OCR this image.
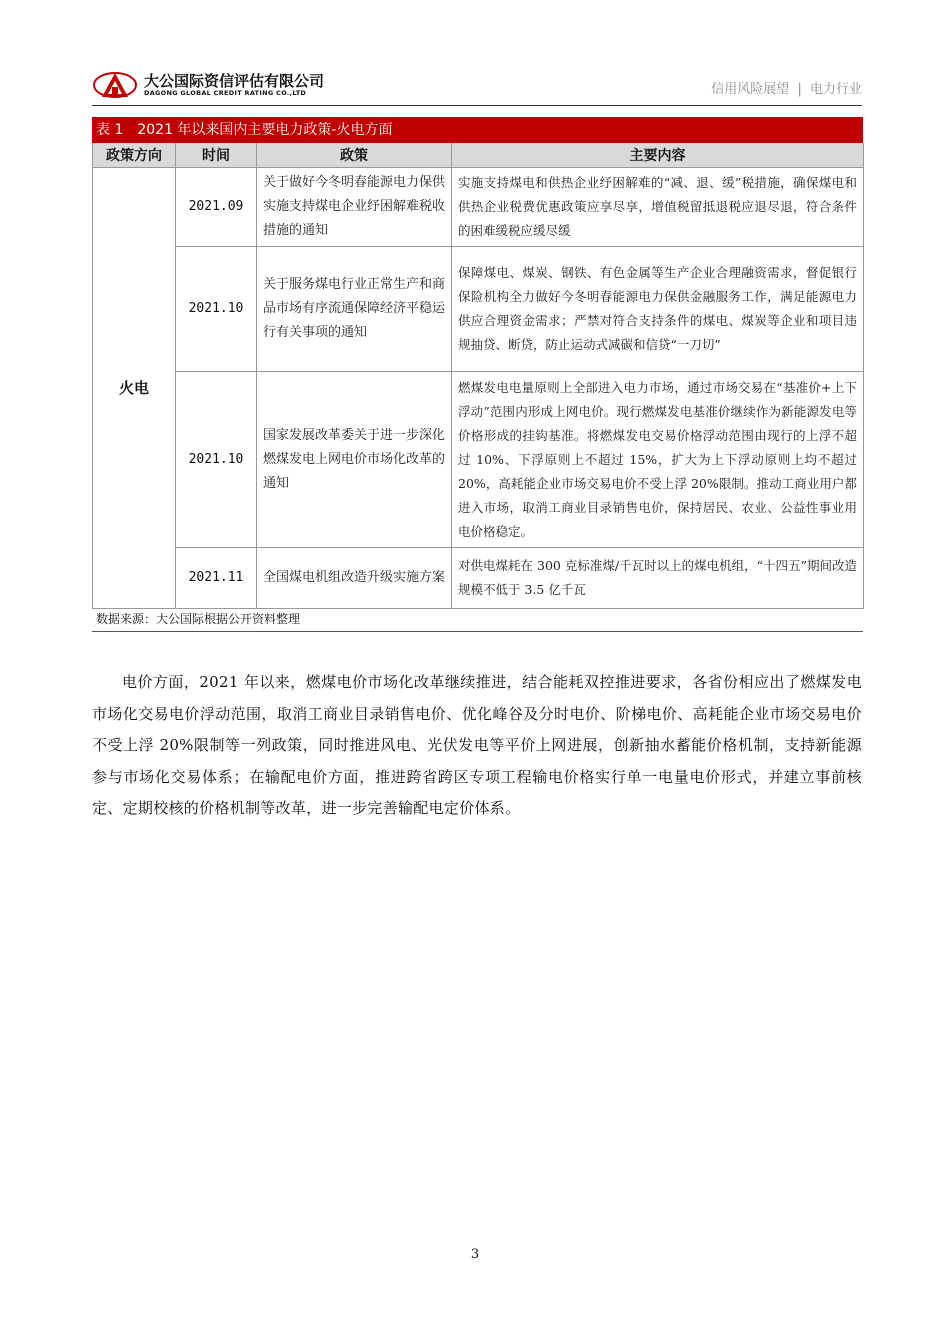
大公国际资信评估有限公司
DAGONG GLOBAL CREDIT RATING CO.,LTD	信用风险展望 | 电力行业
表 1　2021 年以来国内主要电力政策-火电方面
政策方向	时间	政策	主要内容
火电	2021.09	关于做好今冬明春能源电力保供实施支持煤电企业纾困解难税收措施的通知	实施支持煤电和供热企业纾困解难的“减、退、缓”税措施，确保煤电和供热企业税费优惠政策应享尽享，增值税留抵退税应退尽退，符合条件的困难缓税应缓尽缓
	2021.10	关于服务煤电行业正常生产和商品市场有序流通保障经济平稳运行有关事项的通知	保障煤电、煤炭、钢铁、有色金属等生产企业合理融资需求，督促银行保险机构全力做好今冬明春能源电力保供金融服务工作，满足能源电力供应合理资金需求；严禁对符合支持条件的煤电、煤炭等企业和项目违规抽贷、断贷，防止运动式减碳和信贷“一刀切”
	2021.10	国家发展改革委关于进一步深化燃煤发电上网电价市场化改革的通知	燃煤发电电量原则上全部进入电力市场，通过市场交易在“基准价+上下浮动”范围内形成上网电价。现行燃煤发电基准价继续作为新能源发电等价格形成的挂钩基准。将燃煤发电交易价格浮动范围由现行的上浮不超过 10%、下浮原则上不超过 15%，扩大为上下浮动原则上均不超过 20%，高耗能企业市场交易电价不受上浮 20%限制。推动工商业用户都进入市场，取消工商业目录销售电价，保持居民、农业、公益性事业用电价格稳定。
	2021.11	全国煤电机组改造升级实施方案	对供电煤耗在 300 克标准煤/千瓦时以上的煤电机组，“十四五”期间改造规模不低于 3.5 亿千瓦
数据来源：大公国际根据公开资料整理

电价方面，2021 年以来，燃煤电价市场化改革继续推进，结合能耗双控推进要求，各省份相应出了燃煤发电市场化交易电价浮动范围，取消工商业目录销售电价、优化峰谷及分时电价、阶梯电价、高耗能企业市场交易电价不受上浮 20%限制等一列政策，同时推进风电、光伏发电等平价上网进展，创新抽水蓄能价格机制，支持新能源参与市场化交易体系；在输配电价方面，推进跨省跨区专项工程输电价格实行单一电量电价形式，并建立事前核定、定期校核的价格机制等改革，进一步完善输配电定价体系。

3
